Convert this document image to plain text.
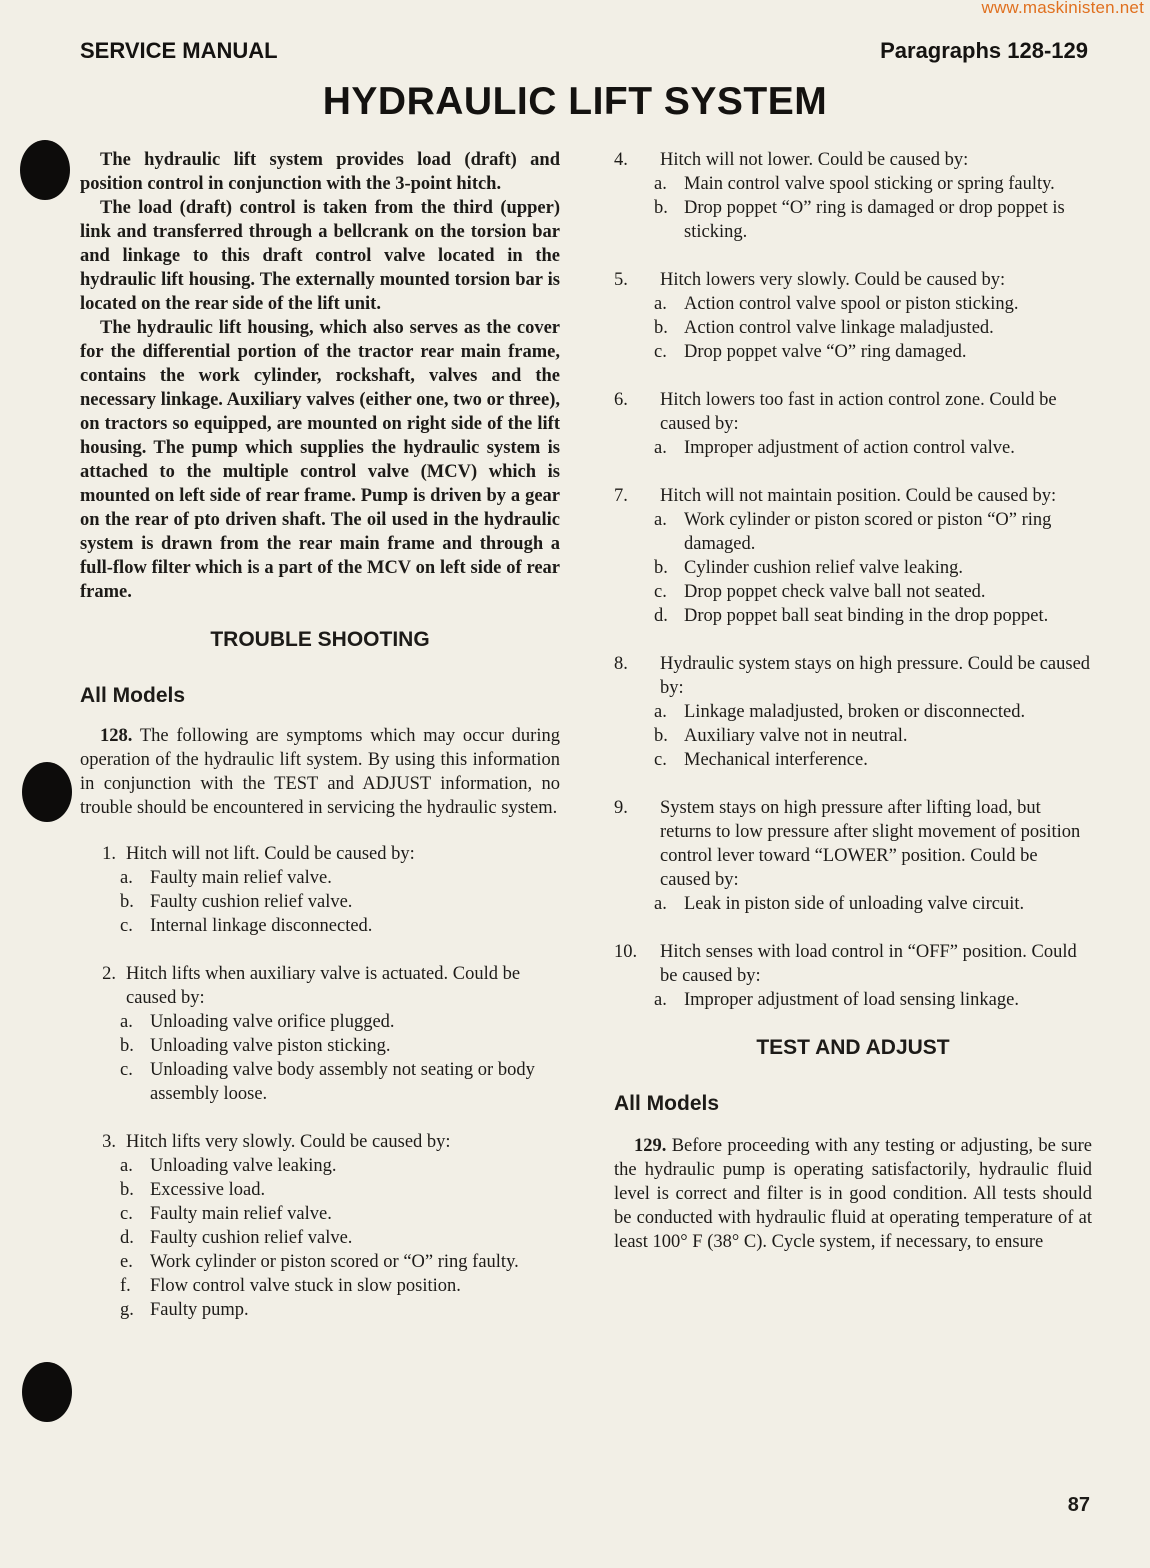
www.maskinisten.net
SERVICE MANUAL	Paragraphs 128-129
HYDRAULIC LIFT SYSTEM

The hydraulic lift system provides load (draft) and position control in conjunction with the 3-point hitch.

The load (draft) control is taken from the third (upper) link and transferred through a bellcrank on the torsion bar and linkage to this draft control valve located in the hydraulic lift housing. The externally mounted torsion bar is located on the rear side of the lift unit.

The hydraulic lift housing, which also serves as the cover for the differential portion of the tractor rear main frame, contains the work cylinder, rockshaft, valves and the necessary linkage. Auxiliary valves (either one, two or three), on tractors so equipped, are mounted on right side of the lift housing. The pump which supplies the hydraulic system is attached to the multiple control valve (MCV) which is mounted on left side of rear frame. Pump is driven by a gear on the rear of pto driven shaft. The oil used in the hydraulic system is drawn from the rear main frame and through a full-flow filter which is a part of the MCV on left side of rear frame.

TROUBLE SHOOTING
All Models

128. The following are symptoms which may occur during operation of the hydraulic lift system. By using this information in conjunction with the TEST and ADJUST information, no trouble should be encountered in servicing the hydraulic system.

1. Hitch will not lift. Could be caused by:
a. Faulty main relief valve.
b. Faulty cushion relief valve.
c. Internal linkage disconnected.
2. Hitch lifts when auxiliary valve is actuated. Could be caused by:
a. Unloading valve orifice plugged.
b. Unloading valve piston sticking.
c. Unloading valve body assembly not seating or body assembly loose.
3. Hitch lifts very slowly. Could be caused by:
a. Unloading valve leaking.
b. Excessive load.
c. Faulty main relief valve.
d. Faulty cushion relief valve.
e. Work cylinder or piston scored or “O” ring faulty.
f.	Flow control valve stuck in slow position.
g. Faulty pump.
4.	Hitch will not lower. Could be caused by:
a. Main control valve spool sticking or spring faulty.
b. Drop poppet “O” ring is damaged or drop poppet is sticking.
5.	Hitch lowers very slowly. Could be caused by:
a. Action control valve spool or piston sticking.
b. Action control valve linkage maladjusted.
c. Drop poppet valve “O” ring damaged.
6.	Hitch lowers too fast in action control zone. Could be caused by:
a. Improper adjustment of action control valve.
7.	Hitch will not maintain position. Could be caused by:
a. Work cylinder or piston scored or piston “O” ring damaged.
b. Cylinder cushion relief valve leaking.
c. Drop poppet check valve ball not seated.
d. Drop poppet ball seat binding in the drop poppet.
8.	Hydraulic system stays on high pressure. Could be caused by:
a. Linkage maladjusted, broken or disconnected.
b. Auxiliary valve not in neutral.
c. Mechanical interference.
9.	System stays on high pressure after lifting load, but returns to low pressure after slight movement of position control lever toward “LOWER” position. Could be caused by:
a. Leak in piston side of unloading valve circuit.
10.	Hitch senses with load control in “OFF” position. Could be caused by:
a. Improper adjustment of load sensing linkage.
TEST AND ADJUST
All Models

129. Before proceeding with any testing or adjusting, be sure the hydraulic pump is operating satisfactorily, hydraulic fluid level is correct and filter is in good condition. All tests should be conducted with hydraulic fluid at operating temperature of at least 100° F (38° C). Cycle system, if necessary, to ensure

87
